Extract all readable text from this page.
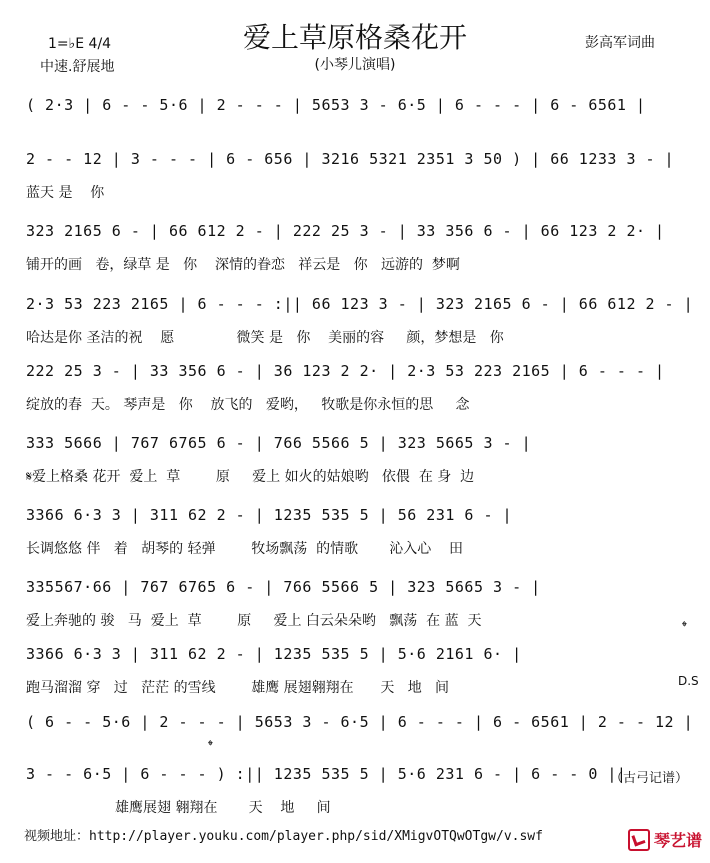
爱上草原格桑花开
(小琴儿演唱)
彭高军词曲
1=♭E 4/4
中速.舒展地
( 2·3 | 6 - - 5·6 | 2 - - - | 5653 3 - 6·5 | 6 - - - | 6 - 6561 |
2 - - 12 | 3 - - - | 6 - 656 | 3216 5321 2351 3 50 ) | 66 1233 3 - |
蓝天 是    你
323 2165 6 - | 66 612 2 - | 222 25 3 - | 33 356 6 - | 66 123 2 2· |
铺开的画   卷，绿草 是   你    深情的眷恋   祥云是   你   远游的  梦啊
2·3 53 223 2165 | 6 - - - :|| 66 123 3 - | 323 2165 6 - | 66 612 2 - |
哈达是你 圣洁的祝    愿              微笑 是   你    美丽的容     颜，梦想是   你
222 25 3 - | 33 356 6 - | 36 123 2 2· | 2·3 53 223 2165 | 6 - - - |
绽放的春  天。 琴声是   你    放飞的   爱哟，   牧歌是你永恒的思     念
333 5666 | 767 6765 6 - | 766 5566 5 | 323 5665 3 - |
𝄋爱上格桑 花开  爱上  草        原     爱上 如火的姑娘哟   依偎  在 身  边
3366 6·3 3 | 311 62 2 - | 1235 535 5 | 56 231 6 - |
长调悠悠 伴   着   胡琴的 轻弹        牧场飘荡  的情歌       沁入心    田
335567·66 | 767 6765 6 - | 766 5566 5 | 323 5665 3 - |
爱上奔驰的 骏   马  爱上  草        原     爱上 白云朵朵哟   飘荡  在 蓝  天
3366 6·3 3 | 311 62 2 - | 1235 535 5 | 5·6 2161 6· |
跑马溜溜 穿   过   茫茫 的雪线        雄鹰 展翅翱翔在      天   地   间
( 6 - - 5·6 | 2 - - - | 5653 3 - 6·5 | 6 - - - | 6 - 6561 | 2 - - 12 |
3 - - 6·5 | 6 - - - ) :|| 1235 535 5 | 5·6 231 6 - | 6 - - 0 ||
雄鹰展翅 翱翔在       天    地     间
𝄌
D.S
𝄌
（古弓记谱）
视频地址：http://player.youku.com/player.php/sid/XMigvOTQwOTgw/v.swf	琴艺谱
